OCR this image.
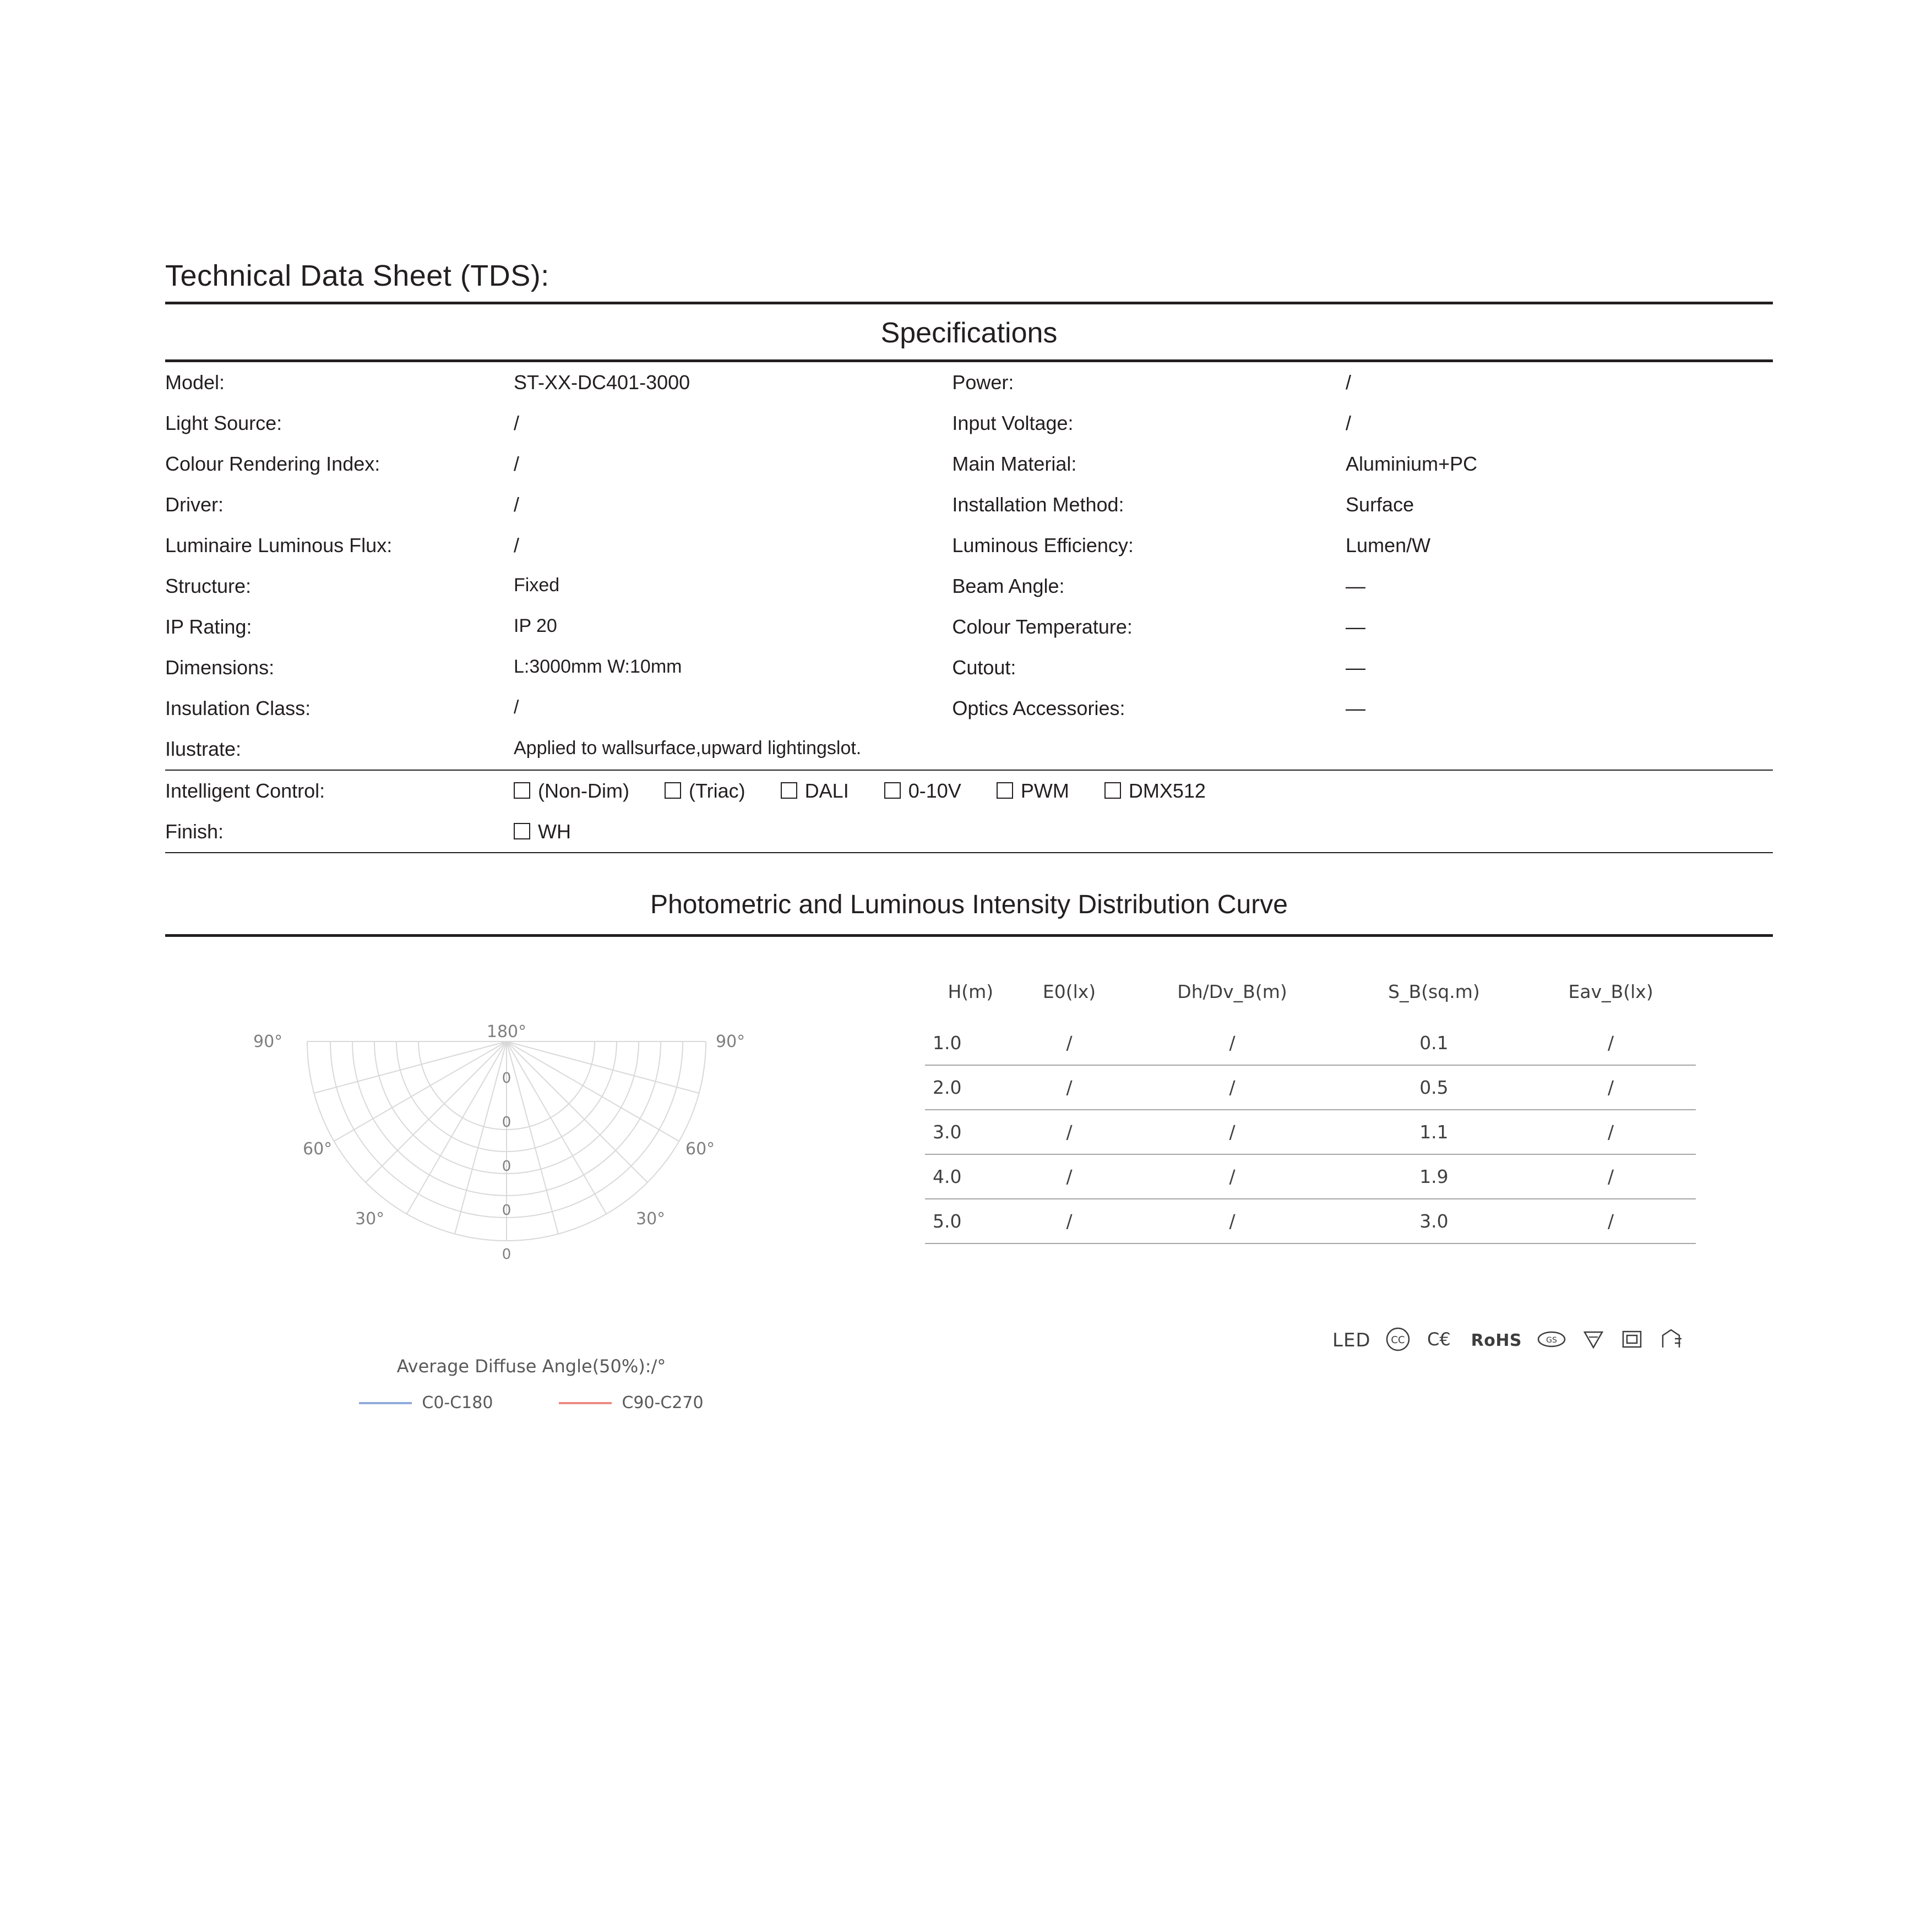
Technical Data Sheet (TDS):
Specifications
Model:	ST-XX-DC401-3000	Power:	/
Light Source:	/	Input Voltage:	/
Colour Rendering Index:	/	Main Material:	Aluminium+PC
Driver:	/	Installation Method:	Surface
Luminaire Luminous Flux:	/	Luminous Efficiency:	Lumen/W
Structure:	Fixed	Beam Angle:	—
IP Rating:	IP 20	Colour Temperature:	—
Dimensions:	L:3000mm W:10mm	Cutout:	—
Insulation Class:	/	Optics Accessories:	—
Ilustrate:	Applied to wallsurface,upward lightingslot.		
Intelligent Control:	(Non-Dim) (Triac) DALI 0-10V PWM DMX512		
Finish:	WH		
Photometric and Luminous Intensity Distribution Curve
0
0
0
0
0
180°
90°	90°
60°	60°
30°	30°
Average Diffuse Angle(50%):/°
C0-C180	C90-C270
H(m)	E0(lx)	Dh/Dv_B(m)	S_B(sq.m)	Eav_B(lx)
1.0	/	/	0.1	/
2.0	/	/	0.5	/
3.0	/	/	1.1	/
4.0	/	/	1.9	/
5.0	/	/	3.0	/
LED CC C€ RoHS	GS
